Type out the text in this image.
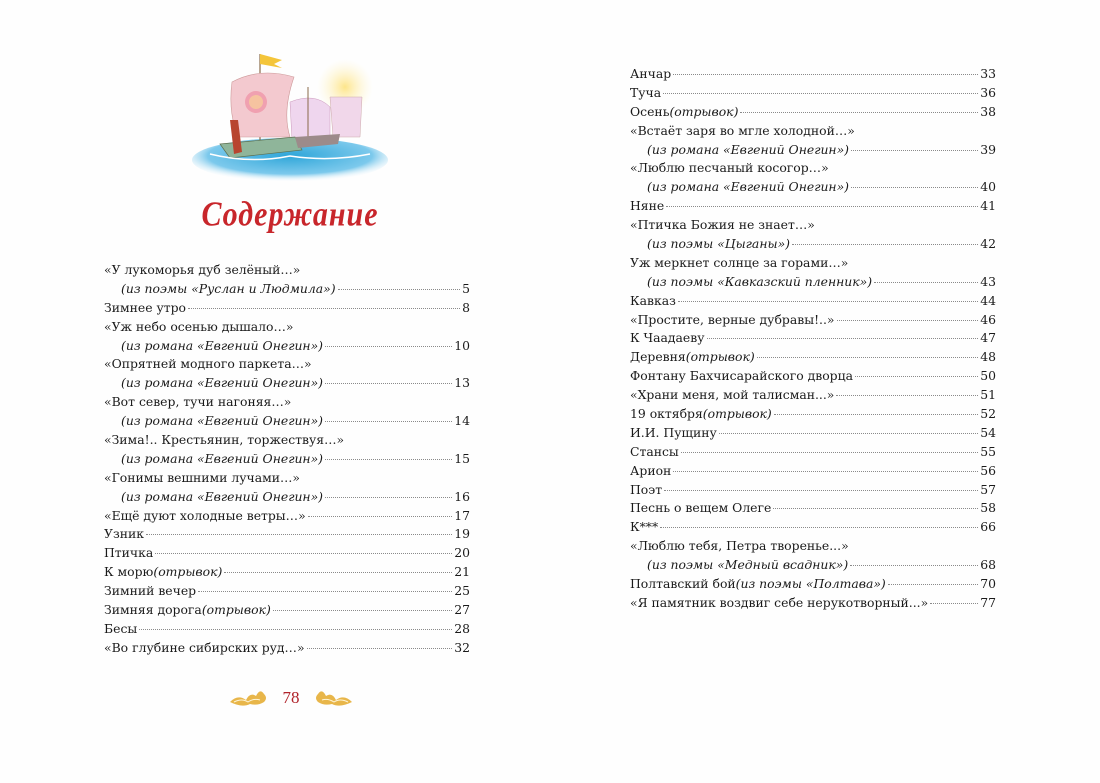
Содержание
«У лукоморья дуб зелёный…»
(из поэмы «Руслан и Людмила»)	5
Зимнее утро	8
«Уж небо осенью дышало…»
(из романа «Евгений Онегин»)	10
«Опрятней модного паркета…»
(из романа «Евгений Онегин»)	13
«Вот север, тучи нагоняя…»
(из романа «Евгений Онегин»)	14
«Зима!.. Крестьянин, торжествуя…»
(из романа «Евгений Онегин»)	15
«Гонимы вешними лучами…»
(из романа «Евгений Онегин»)	16
«Ещё дуют холодные ветры…»	17
Узник	19
Птичка	20
К морю (отрывок)	21
Зимний вечер	25
Зимняя дорога (отрывок)	27
Бесы	28
«Во глубине сибирских руд…»	32
78
Анчар	33
Туча	36
Осень (отрывок)	38
«Встаёт заря во мгле холодной…»
(из романа «Евгений Онегин»)	39
«Люблю песчаный косогор…»
(из романа «Евгений Онегин»)	40
Няне	41
«Птичка Божия не знает…»
(из поэмы «Цыганы»)	42
Уж меркнет солнце за горами…»
(из поэмы «Кавказский пленник»)	43
Кавказ	44
«Простите, верные дубравы!..»	46
К Чаадаеву	47
Деревня (отрывок)	48
Фонтану Бахчисарайского дворца	50
«Храни меня, мой талисман...»	51
19 октября (отрывок)	52
И.И. Пущину	54
Стансы	55
Арион	56
Поэт	57
Песнь о вещем Олеге	58
К***	66
«Люблю тебя, Петра творенье...»
(из поэмы «Медный всадник»)	68
Полтавский бой (из поэмы «Полтава»)	70
«Я памятник воздвиг себе нерукотворный...»	77
